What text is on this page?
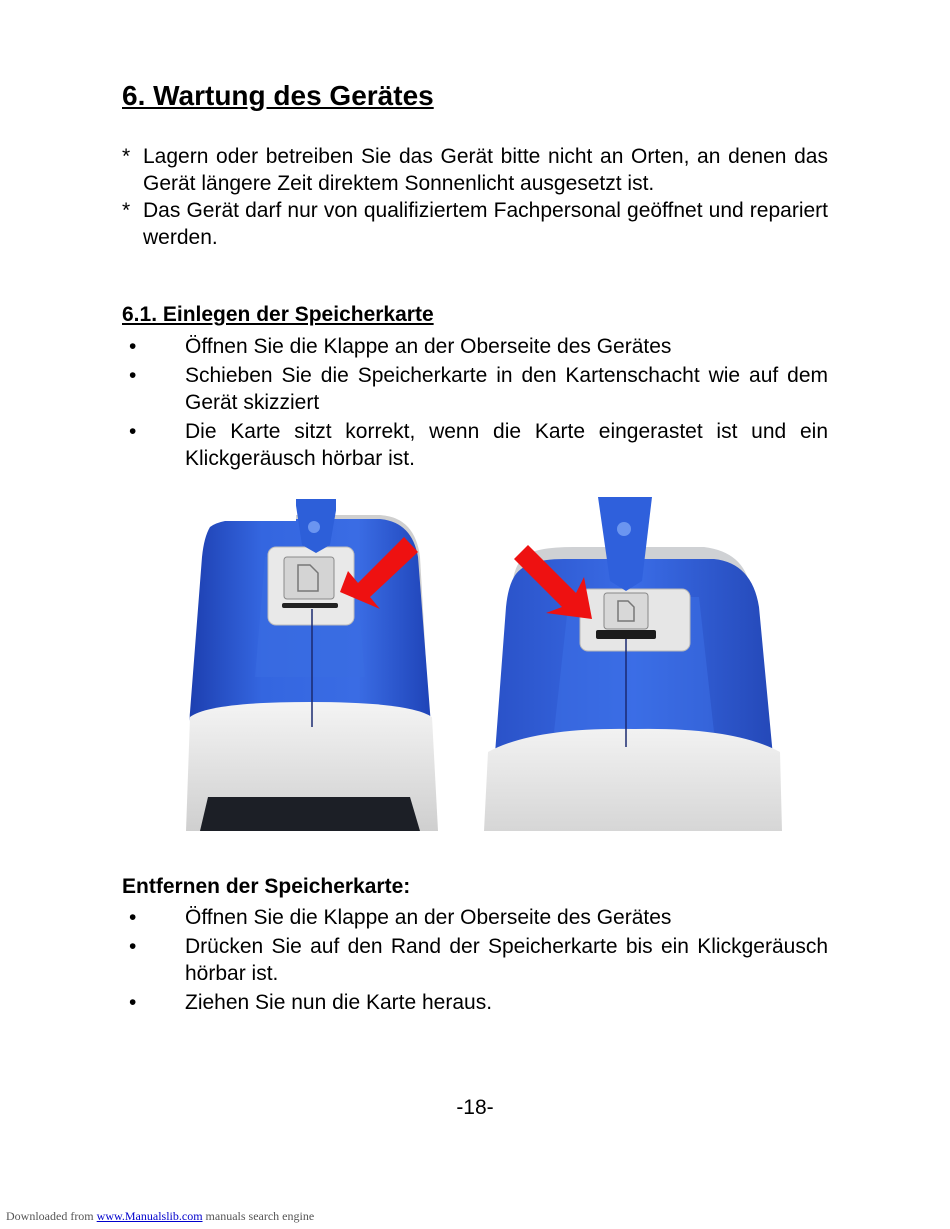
6. Wartung des Gerätes
* Lagern oder betreiben Sie das Gerät bitte nicht an Orten, an denen das Gerät längere Zeit direktem Sonnenlicht ausgesetzt ist.
* Das Gerät darf nur von qualifiziertem Fachpersonal geöffnet und repariert werden.
6.1. Einlegen der Speicherkarte
• Öffnen Sie die Klappe an der Oberseite des Gerätes
• Schieben Sie die Speicherkarte in den Kartenschacht wie auf dem Gerät skizziert
• Die Karte sitzt korrekt, wenn die Karte eingerastet ist und ein Klickgeräusch hörbar ist.
Entfernen der Speicherkarte:
• Öffnen Sie die Klappe an der Oberseite des Gerätes
• Drücken Sie auf den Rand der Speicherkarte bis ein Klickgeräusch hörbar ist.
• Ziehen Sie nun die Karte heraus.
-18-
Downloaded from www.Manualslib.com manuals search engine
